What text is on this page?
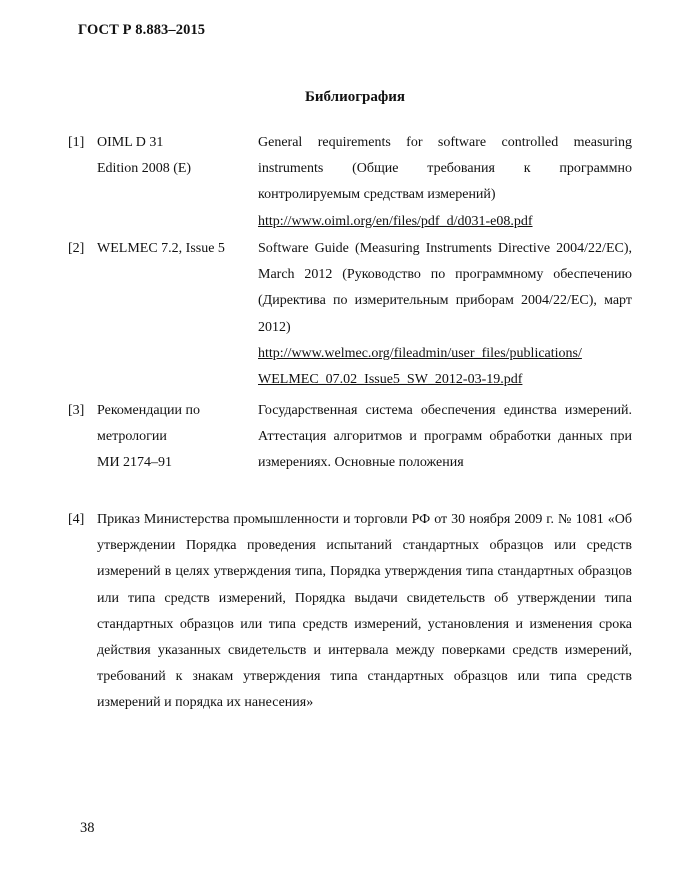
ГОСТ Р 8.883–2015
Библиография
[1] OIML D 31
Edition 2008 (E)
General requirements for software controlled measuring instruments (Общие требования к программно контролируемым средствам измерений)
http://www.oiml.org/en/files/pdf_d/d031-e08.pdf
[2] WELMEC 7.2, Issue 5	Software Guide (Measuring Instruments Directive 2004/22/EC), March 2012 (Руководство по программному обеспечению (Директива по измерительным приборам 2004/22/EC), март 2012)
http://www.welmec.org/fileadmin/user_files/publications/
WELMEC_07.02_Issue5_SW_2012-03-19.pdf
[3] Рекомендации по
метрологии
МИ 2174–91
Государственная система обеспечения единства измерений. Аттестация алгоритмов и программ обработки данных при измерениях. Основные положения
[4] Приказ Министерства промышленности и торговли РФ от 30 ноября 2009 г. № 1081 «Об утверждении Порядка проведения испытаний стандартных образцов или средств измерений в целях утверждения типа, Порядка утверждения типа стандартных образцов или типа средств измерений, Порядка выдачи свидетельств об утверждении типа стандартных образцов или типа средств измерений, установления и изменения срока действия указанных свидетельств и интервала между поверками средств измерений, требований к знакам утверждения типа стандартных образцов или типа средств измерений и порядка их нанесения»
38
